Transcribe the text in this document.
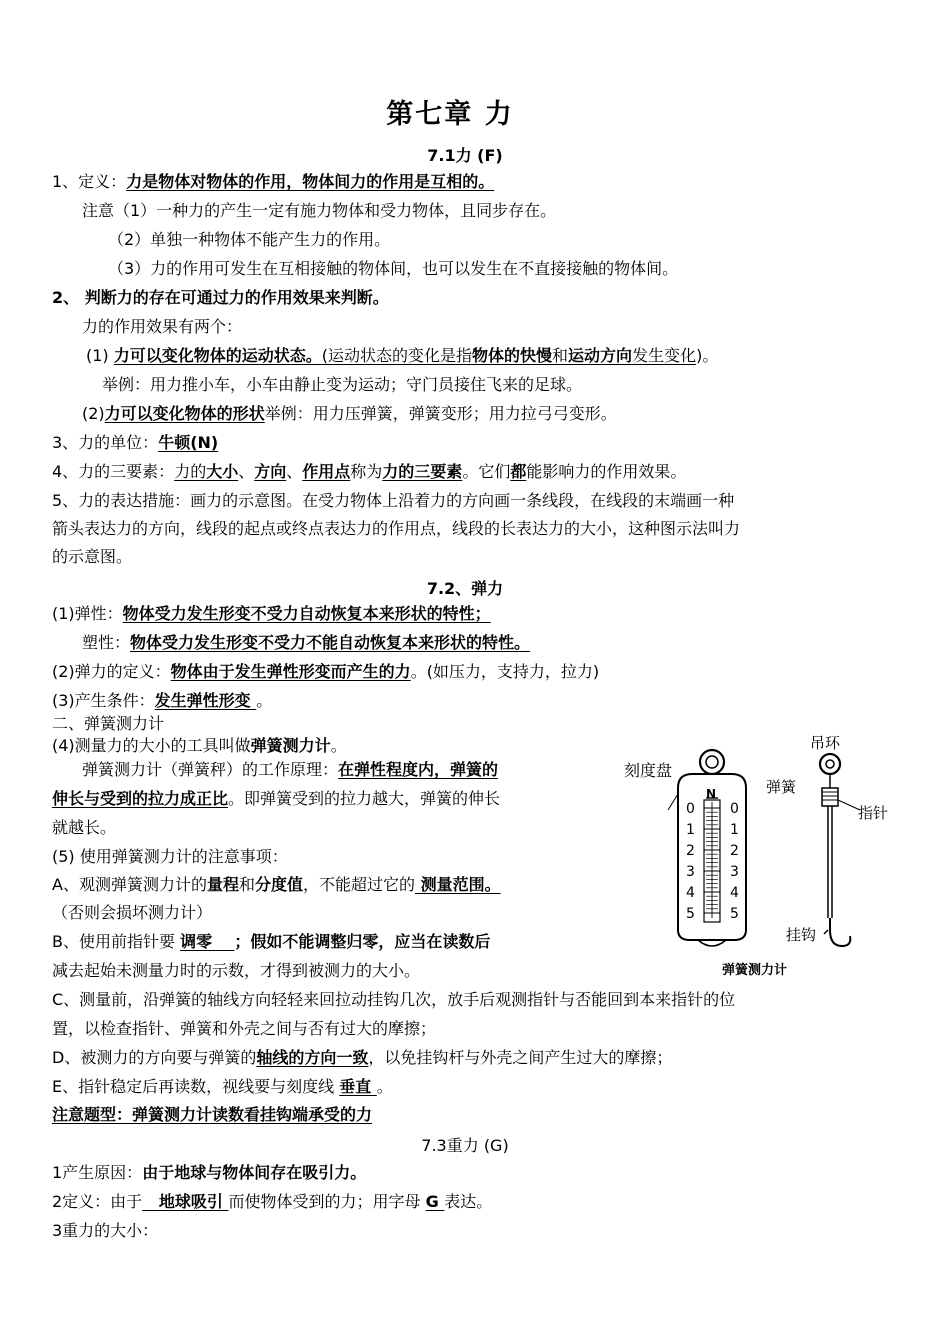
第七章 力
7.1力 (F)
1、定义：力是物体对物体的作用，物体间力的作用是互相的。
注意（1）一种力的产生一定有施力物体和受力物体，且同步存在。
（2）单独一种物体不能产生力的作用。
（3）力的作用可发生在互相接触的物体间，也可以发生在不直接接触的物体间。
2、 判断力的存在可通过力的作用效果来判断。
力的作用效果有两个：
(1) 力可以变化物体的运动状态。(运动状态的变化是指物体的快慢和运动方向发生变化)。
举例：用力推小车，小车由静止变为运动；守门员接住飞来的足球。
(2)力可以变化物体的形状举例：用力压弹簧，弹簧变形；用力拉弓弓变形。
3、力的单位：牛顿(N)
4、力的三要素：力的大小、方向、作用点称为力的三要素。它们都能影响力的作用效果。
5、力的表达措施：画力的示意图。在受力物体上沿着力的方向画一条线段，在线段的末端画一种
箭头表达力的方向，线段的起点或终点表达力的作用点，线段的长表达力的大小，这种图示法叫力
的示意图。
7.2、弹力
(1)弹性：物体受力发生形变不受力自动恢复本来形状的特性；
塑性：物体受力发生形变不受力不能自动恢复本来形状的特性。
(2)弹力的定义：物体由于发生弹性形变而产生的力。(如压力，支持力，拉力)
(3)产生条件：发生弹性形变 。
二、弹簧测力计
(4)测量力的大小的工具叫做弹簧测力计。
弹簧测力计（弹簧秤）的工作原理：在弹性程度内，弹簧的
伸长与受到的拉力成正比。即弹簧受到的拉力越大，弹簧的伸长
就越长。
(5) 使用弹簧测力计的注意事项：
A、观测弹簧测力计的量程和分度值，不能超过它的 测量范围。
（否则会损坏测力计）
B、使用前指针要 调零    ；假如不能调整归零，应当在读数后
减去起始未测量力时的示数，才得到被测力的大小。
C、测量前，沿弹簧的轴线方向轻轻来回拉动挂钩几次，放手后观测指针与否能回到本来指针的位
置，以检查指针、弹簧和外壳之间与否有过大的摩擦；
D、被测力的方向要与弹簧的轴线的方向一致，以免挂钩杆与外壳之间产生过大的摩擦；
E、指针稳定后再读数，视线要与刻度线 垂直 。
注意题型：弹簧测力计读数看挂钩端承受的力
刻度盘
吊环
弹簧
指针
挂钩
弹簧测力计
N
0	0
1	1
2	2
3	3
4	4
5	5
7.3重力 (G)
1产生原因：由于地球与物体间存在吸引力。
2定义：由于   地球吸引 而使物体受到的力；用字母 G 表达。
3重力的大小：
